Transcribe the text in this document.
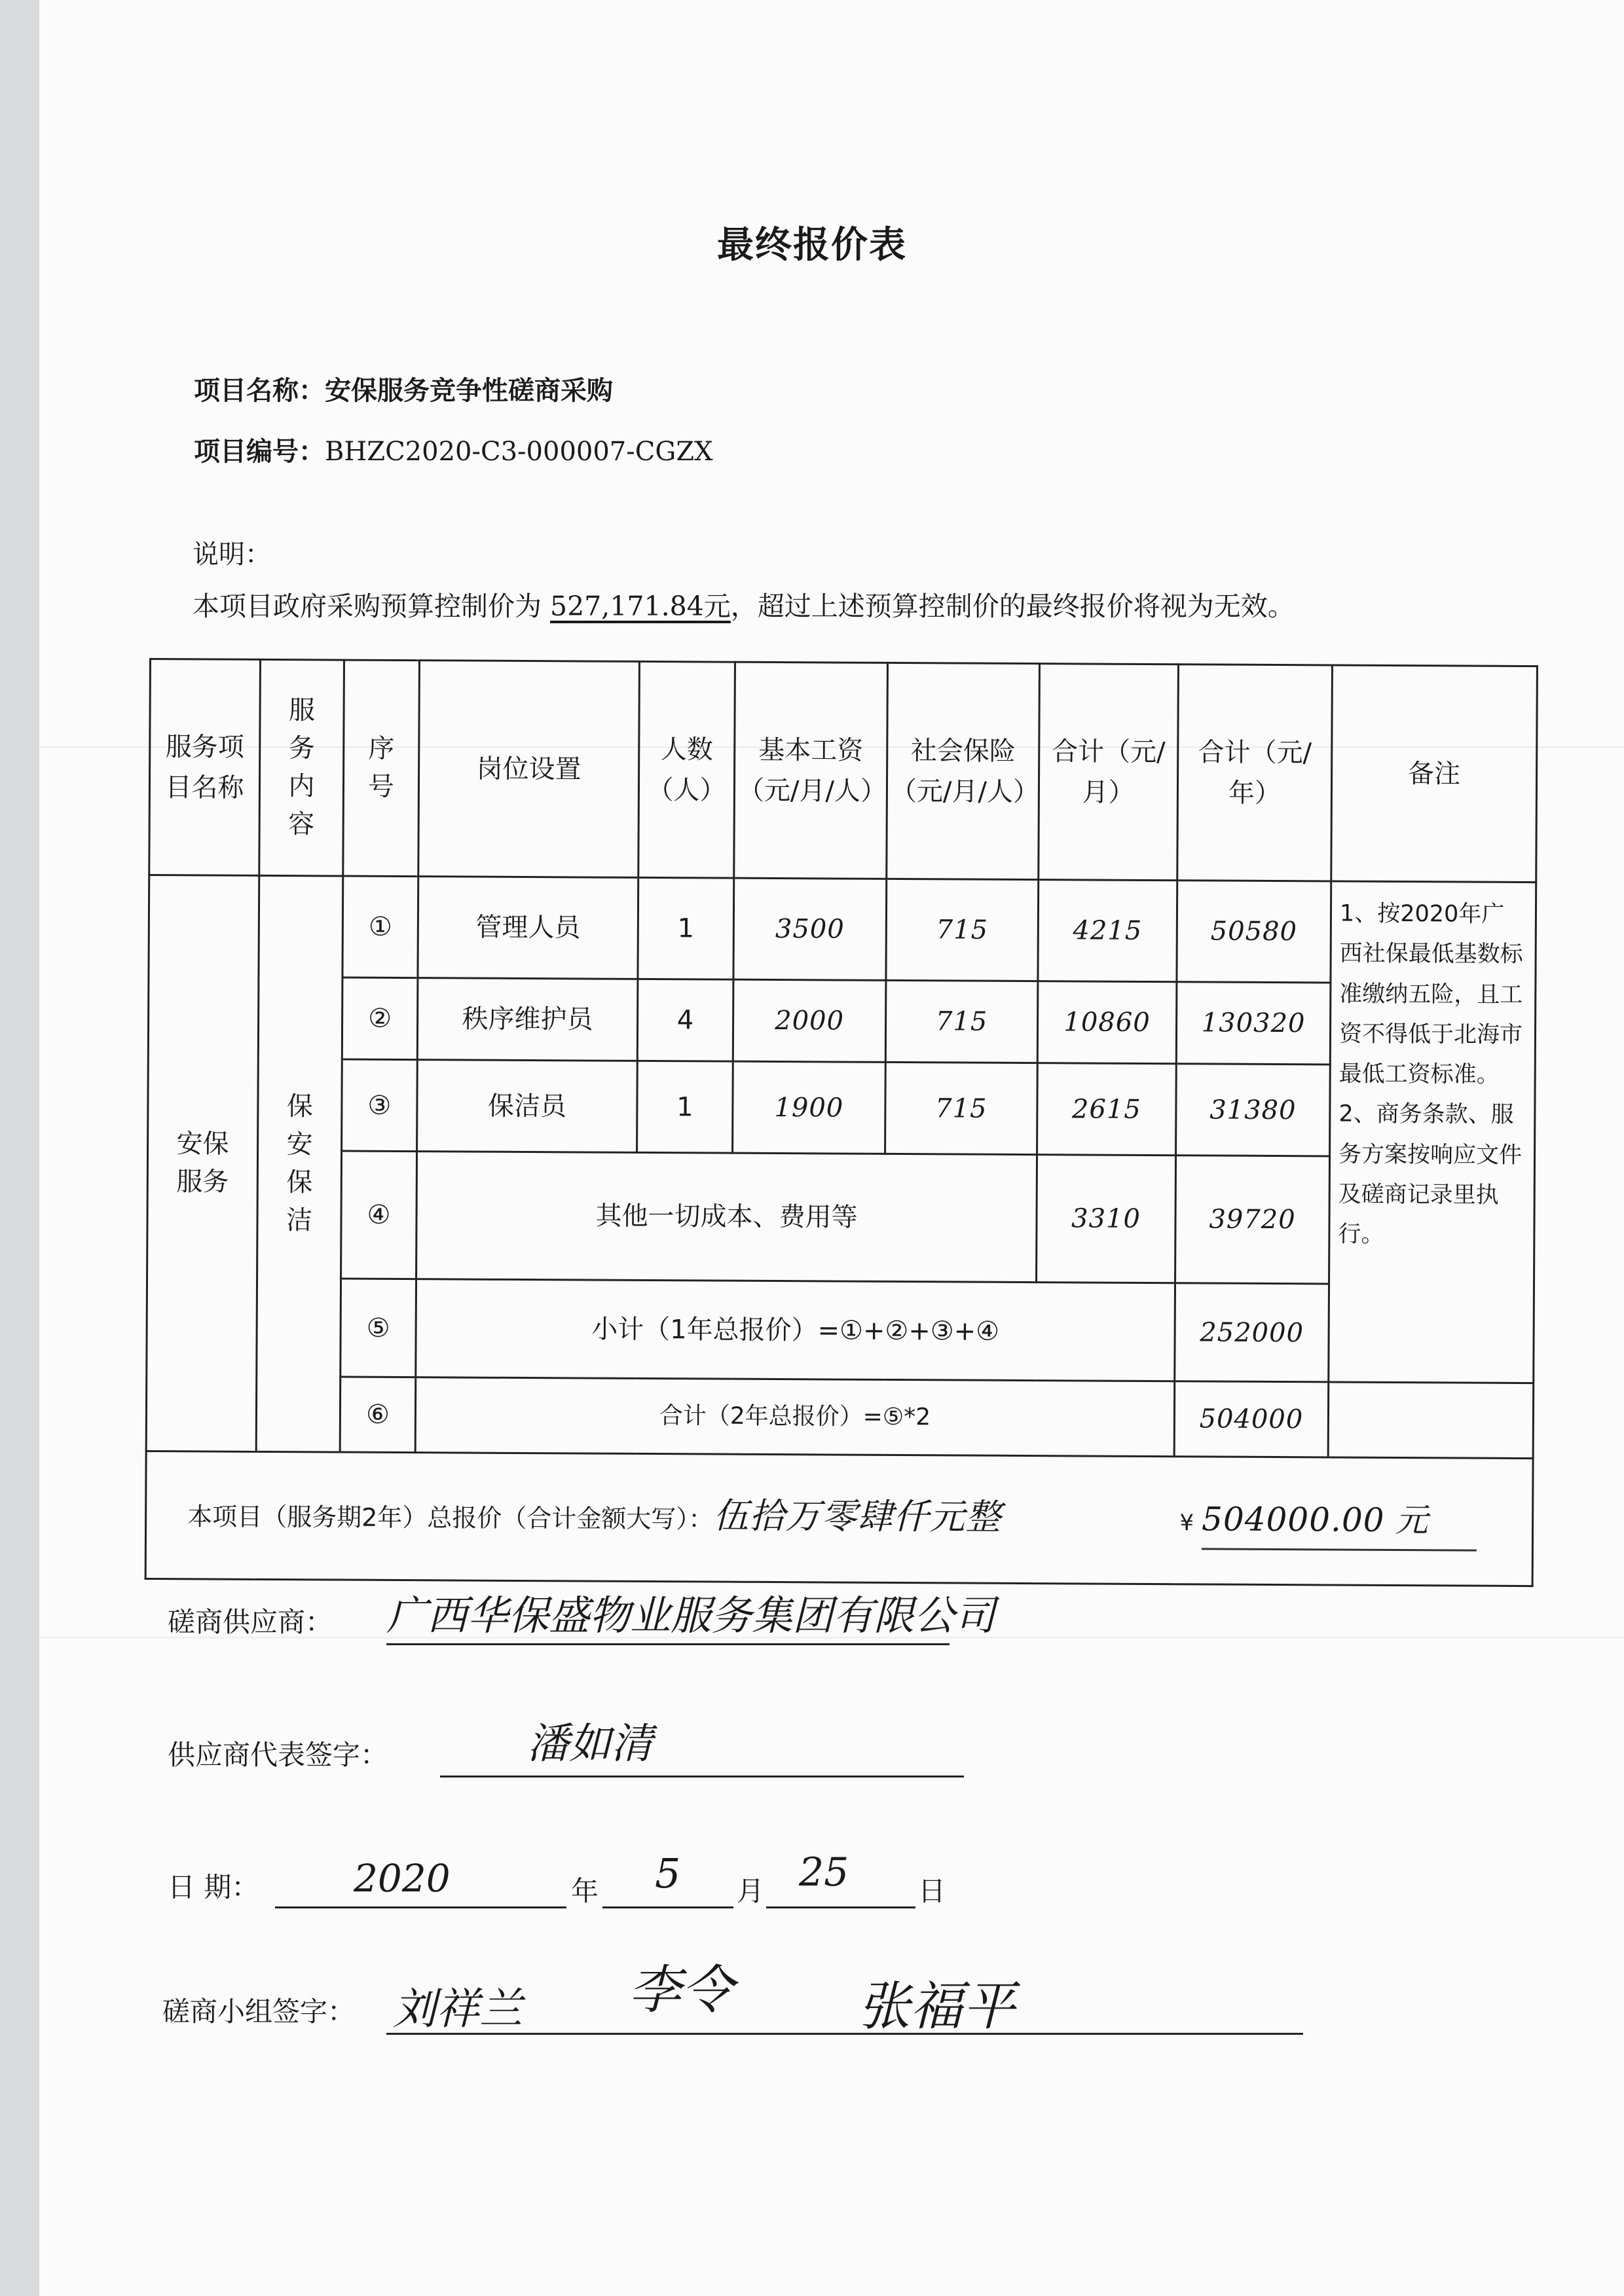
最终报价表
项目名称：安保服务竞争性磋商采购
项目编号：BHZC2020-C3-000007-CGZX
说明：
本项目政府采购预算控制价为 527,171.84元，超过上述预算控制价的最终报价将视为无效。
服务项目名称	服务内容	序号	岗位设置	人数（人）	基本工资（元/月/人）	社会保险（元/月/人）	合计（元/月）	合计（元/年）	备注
安保服务	保安保洁	①	管理人员	1	3500	715	4215	50580	1、按2020年广西社保最低基数标准缴纳五险，且工资不得低于北海市最低工资标准。2、商务条款、服务方案按响应文件及磋商记录里执行。
		②	秩序维护员	4	2000	715	10860	130320	
		③	保洁员	1	1900	715	2615	31380	
		④	其他一切成本、费用等				3310	39720	
		⑤	小计（1年总报价）=①+②+③+④					252000	
		⑥	合计（2年总报价）=⑤*2					504000	
本项目（服务期2年）总报价（合计金额大写）：伍拾万零肆仟元整 ¥ 504000.00 元									
磋商供应商： 广西华保盛物业服务集团有限公司
供应商代表签字：	潘如清
日 期： 2020	年 5 月 25	日
磋商小组签字： 刘祥兰 李令 张福平
